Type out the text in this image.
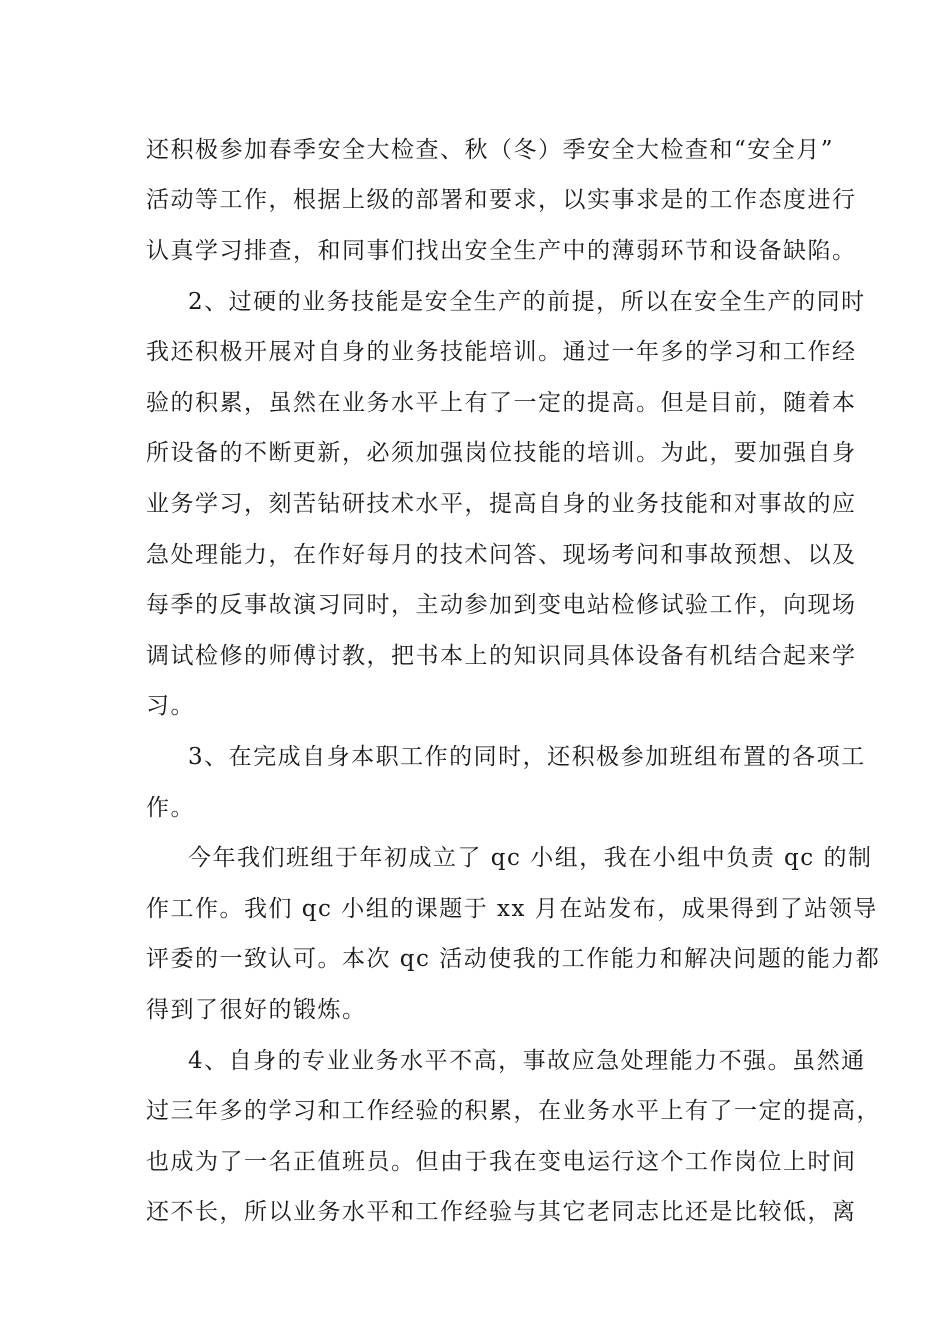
还积极参加春季安全大检查、秋（冬）季安全大检查和“安全月”
活动等工作，根据上级的部署和要求，以实事求是的工作态度进行
认真学习排查，和同事们找出安全生产中的薄弱环节和设备缺陷。
2、过硬的业务技能是安全生产的前提，所以在安全生产的同时
我还积极开展对自身的业务技能培训。通过一年多的学习和工作经
验的积累，虽然在业务水平上有了一定的提高。但是目前，随着本
所设备的不断更新，必须加强岗位技能的培训。为此，要加强自身
业务学习，刻苦钻研技术水平，提高自身的业务技能和对事故的应
急处理能力，在作好每月的技术问答、现场考问和事故预想、以及
每季的反事故演习同时，主动参加到变电站检修试验工作，向现场
调试检修的师傅讨教，把书本上的知识同具体设备有机结合起来学
习。
3、在完成自身本职工作的同时，还积极参加班组布置的各项工
作。
今年我们班组于年初成立了 qc 小组，我在小组中负责 qc 的制
作工作。我们 qc 小组的课题于 xx 月在站发布，成果得到了站领导
评委的一致认可。本次 qc 活动使我的工作能力和解决问题的能力都
得到了很好的锻炼。
4、自身的专业业务水平不高，事故应急处理能力不强。虽然通
过三年多的学习和工作经验的积累，在业务水平上有了一定的提高，
也成为了一名正值班员。但由于我在变电运行这个工作岗位上时间
还不长，所以业务水平和工作经验与其它老同志比还是比较低，离
